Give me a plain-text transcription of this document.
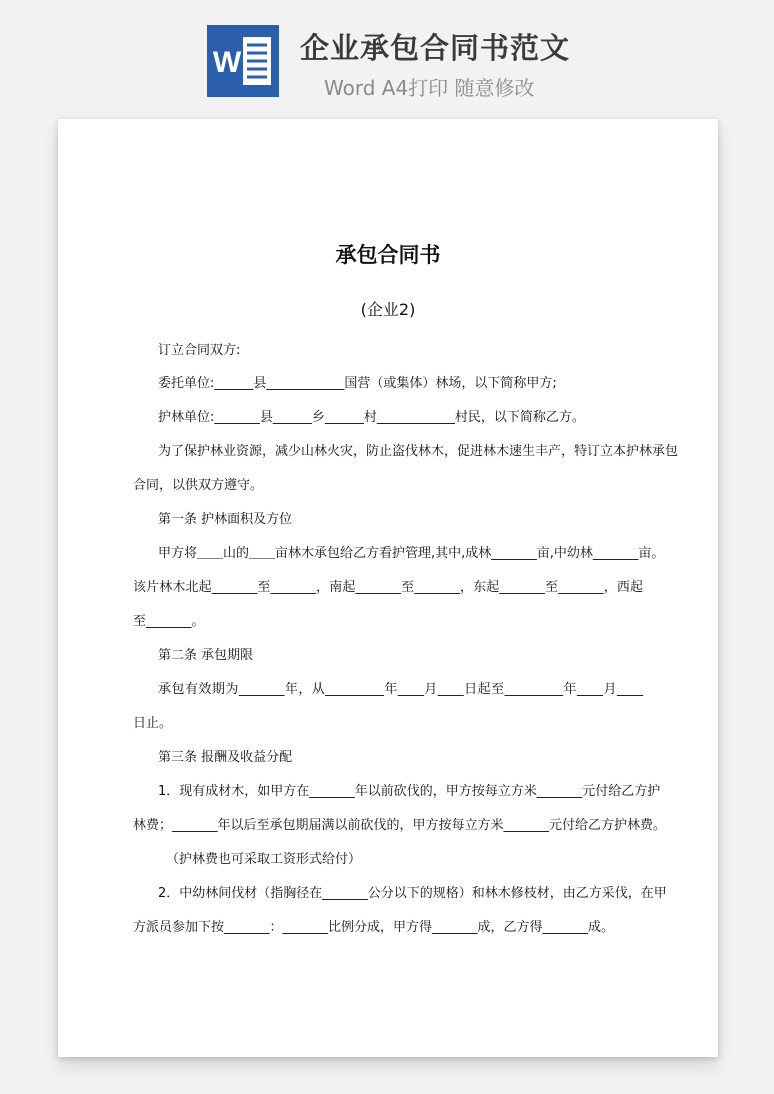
W 企业承包合同书范文
Word A4打印 随意修改
承包合同书
(企业2)
订立合同双方:
委托单位:______县____________国营（或集体）林场，以下简称甲方;
护林单位:_______县______乡______村____________村民，以下简称乙方。
为了保护林业资源，减少山林火灾，防止盗伐林木，促进林木速生丰产，特订立本护林承包
合同，以供双方遵守。
第一条 护林面积及方位
甲方将＿＿山的＿＿亩林木承包给乙方看护管理,其中,成林_______亩,中幼林_______亩。
该片林木北起_______至_______，南起_______至_______，东起_______至_______，西起
至_______。
第二条 承包期限
承包有效期为_______年，从_________年____月____日起至_________年____月____
日止。
第三条 报酬及收益分配
1．现有成材木，如甲方在_______年以前砍伐的，甲方按每立方米_______元付给乙方护
林费；_______年以后至承包期届满以前砍伐的，甲方按每立方米_______元付给乙方护林费。
（护林费也可采取工资形式给付）
2．中幼林间伐材（指胸径在_______公分以下的规格）和林木修枝材，由乙方采伐，在甲
方派员参加下按_______：_______比例分成，甲方得_______成，乙方得_______成。
